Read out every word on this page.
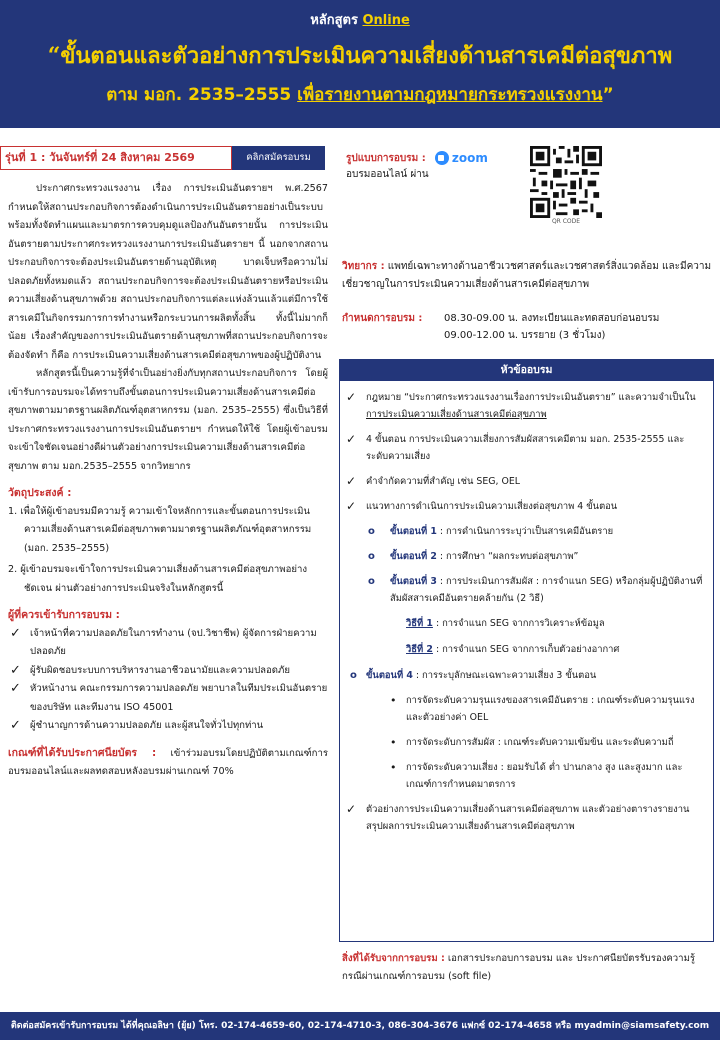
หลักสูตร Online
“ขั้นตอนและตัวอย่างการประเมินความเสี่ยงด้านสารเคมีต่อสุขภาพ
ตาม มอก. 2535–2555 เพื่อรายงานตามกฎหมายกระทรวงแรงงาน”
รุ่นที่ 1 : วันจันทร์ที่ 24 สิงหาคม 2569	คลิกสมัครอบรม	รูปแบบการอบรม : zoom
อบรมออนไลน์ ผ่าน
QR CODE

ประกาศกระทรวงแรงงาน เรื่อง การประเมินอันตรายฯ พ.ศ.2567 กำหนดให้สถานประกอบกิจการต้องดำเนินการประเมินอันตรายอย่างเป็นระบบ พร้อมทั้งจัดทำแผนและมาตรการควบคุมดูแลป้องกันอันตรายนั้น การประเมินอันตรายตามประกาศกระทรวงแรงงานการประเมินอันตรายฯ นี้ นอกจากสถานประกอบกิจการจะต้องประเมินอันตรายด้านอุบัติเหตุ บาดเจ็บหรือความไม่ปลอดภัยทั้งหมดแล้ว สถานประกอบกิจการจะต้องประเมินอันตรายหรือประเมินความเสี่ยงด้านสุขภาพด้วย สถานประกอบกิจการแต่ละแห่งล้วนแล้วแต่มีการใช้สารเคมีในกิจกรรมการการทำงานหรือกระบวนการผลิตทั้งสิ้น ทั้งนี้ไม่มากก็น้อย เรื่องสำคัญของการประเมินอันตรายด้านสุขภาพที่สถานประกอบกิจการจะต้องจัดทำ ก็คือ การประเมินความเสี่ยงด้านสารเคมีต่อสุขภาพของผู้ปฏิบัติงาน

หลักสูตรนี้เป็นความรู้ที่จำเป็นอย่างยิ่งกับทุกสถานประกอบกิจการ โดยผู้เข้ารับการอบรมจะได้ทราบถึงขั้นตอนการประเมินความเสี่ยงด้านสารเคมีต่อสุขภาพตามมาตรฐานผลิตภัณฑ์อุตสาหกรรม (มอก. 2535–2555) ซึ่งเป็นวิธีที่ประกาศกระทรวงแรงงานการประเมินอันตรายฯ กำหนดให้ใช้ โดยผู้เข้าอบรมจะเข้าใจชัดเจนอย่างดีผ่านตัวอย่างการประเมินความเสี่ยงด้านสารเคมีต่อสุขภาพ ตาม มอก.2535–2555 จากวิทยากร

วัตถุประสงค์ :
1. เพื่อให้ผู้เข้าอบรมมีความรู้ ความเข้าใจหลักการและขั้นตอนการประเมินความเสี่ยงด้านสารเคมีต่อสุขภาพตามมาตรฐานผลิตภัณฑ์อุตสาหกรรม (มอก. 2535–2555)
2. ผู้เข้าอบรมจะเข้าใจการประเมินความเสี่ยงด้านสารเคมีต่อสุขภาพอย่างชัดเจน ผ่านตัวอย่างการประเมินจริงในหลักสูตรนี้
ผู้ที่ควรเข้ารับการอบรม :
✓ เจ้าหน้าที่ความปลอดภัยในการทำงาน (จป.วิชาชีพ) ผู้จัดการฝ่ายความปลอดภัย
✓ ผู้รับผิดชอบระบบการบริหารงานอาชีวอนามัยและความปลอดภัย
✓ หัวหน้างาน คณะกรรมการความปลอดภัย พยาบาลในทีมประเมินอันตรายของบริษัท และทีมงาน ISO 45001
✓ ผู้ชำนาญการด้านความปลอดภัย และผู้สนใจทั่วไปทุกท่าน

เกณฑ์ที่ได้รับประกาศนียบัตร : เข้าร่วมอบรมโดยปฏิบัติตามเกณฑ์การอบรมออนไลน์และผลทดสอบหลังอบรมผ่านเกณฑ์ 70%

วิทยากร : แพทย์เฉพาะทางด้านอาชีวเวชศาสตร์และเวชศาสตร์สิ่งแวดล้อม และมีความเชี่ยวชาญในการประเมินความเสี่ยงด้านสารเคมีต่อสุขภาพ
กำหนดการอบรม :	08.30-09.00 น. ลงทะเบียนและทดสอบก่อนอบรม
09.00-12.00 น. บรรยาย (3 ชั่วโมง)
หัวข้ออบรม
✓ กฎหมาย “ประกาศกระทรวงแรงงานเรื่องการประเมินอันตราย” และความจำเป็นในการประเมินความเสี่ยงด้านสารเคมีต่อสุขภาพ
✓ 4 ขั้นตอน การประเมินความเสี่ยงการสัมผัสสารเคมีตาม มอก. 2535-2555 และระดับความเสี่ยง
✓ คำจำกัดความที่สำคัญ เช่น SEG, OEL
✓ แนวทางการดำเนินการประเมินความเสี่ยงต่อสุขภาพ 4 ขั้นตอน
o ขั้นตอนที่ 1 : การดำเนินการระบุว่าเป็นสารเคมีอันตราย
o ขั้นตอนที่ 2 : การศึกษา “ผลกระทบต่อสุขภาพ”
o ขั้นตอนที่ 3 : การประเมินการสัมผัส : การจำแนก SEG) หรือกลุ่มผู้ปฏิบัติงานที่สัมผัสสารเคมีอันตรายคล้ายกัน (2 วิธี)
วิธีที่ 1 : การจำแนก SEG จากการวิเคราะห์ข้อมูล
วิธีที่ 2 : การจำแนก SEG จากการเก็บตัวอย่างอากาศ
o ขั้นตอนที่ 4 : การระบุลักษณะเฉพาะความเสี่ยง 3 ขั้นตอน
• การจัดระดับความรุนแรงของสารเคมีอันตราย : เกณฑ์ระดับความรุนแรง และตัวอย่างค่า OEL
• การจัดระดับการสัมผัส : เกณฑ์ระดับความเข้มข้น และระดับความถี่
• การจัดระดับความเสี่ยง : ยอมรับได้ ต่ำ ปานกลาง สูง และสูงมาก และเกณฑ์การกำหนดมาตรการ
✓ ตัวอย่างการประเมินความเสี่ยงด้านสารเคมีต่อสุขภาพ และตัวอย่างตารางรายงานสรุปผลการประเมินความเสี่ยงด้านสารเคมีต่อสุขภาพ
สิ่งที่ได้รับจากการอบรม : เอกสารประกอบการอบรม และ ประกาศนียบัตรรับรองความรู้กรณีผ่านเกณฑ์การอบรม (soft file)
ติดต่อสมัครเข้ารับการอบรม ได้ที่คุณอลิษา (ยุ้ย) โทร. 02-174-4659-60, 02-174-4710-3, 086-304-3676 แฟกซ์ 02-174-4658 หรือ myadmin@siamsafety.com
